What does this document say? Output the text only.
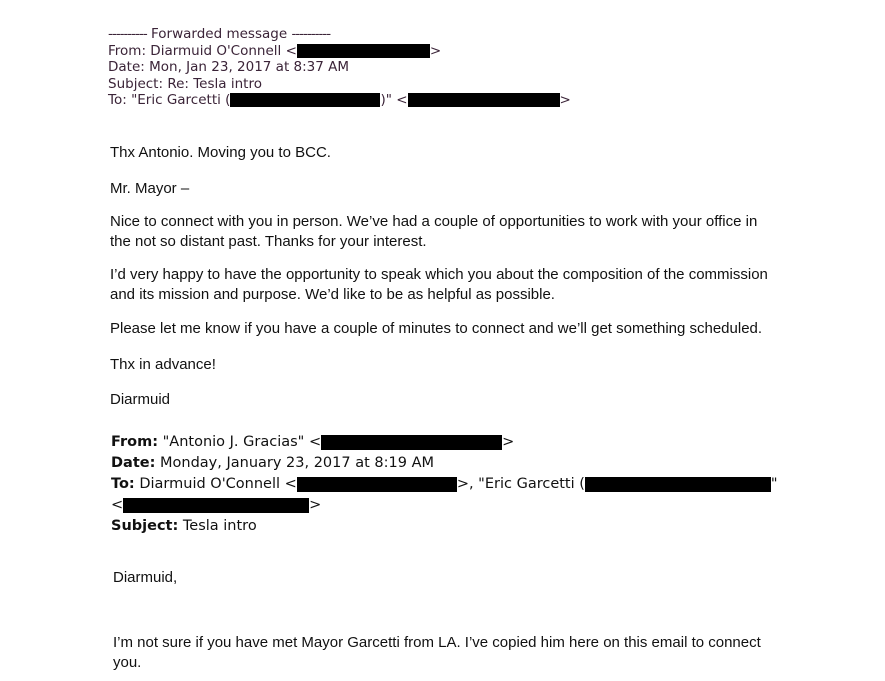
---------- Forwarded message ----------
From: Diarmuid O'Connell <	>
Date: Mon, Jan 23, 2017 at 8:37 AM
Subject: Re: Tesla intro
To: "Eric Garcetti (	)" <	>
Thx Antonio. Moving you to BCC.
Mr. Mayor –
Nice to connect with you in person. We’ve had a couple of opportunities to work with your office in
the not so distant past. Thanks for your interest.
I’d very happy to have the opportunity to speak which you about the composition of the commission
and its mission and purpose. We’d like to be as helpful as possible.
Please let me know if you have a couple of minutes to connect and we’ll get something scheduled.
Thx in advance!
Diarmuid
From: "Antonio J. Gracias" <	>
Date: Monday, January 23, 2017 at 8:19 AM
To: Diarmuid O'Connell <	>, "Eric Garcetti (	"
<	>
Subject: Tesla intro
Diarmuid,
I’m not sure if you have met Mayor Garcetti from LA. I’ve copied him here on this email to connect
you.
